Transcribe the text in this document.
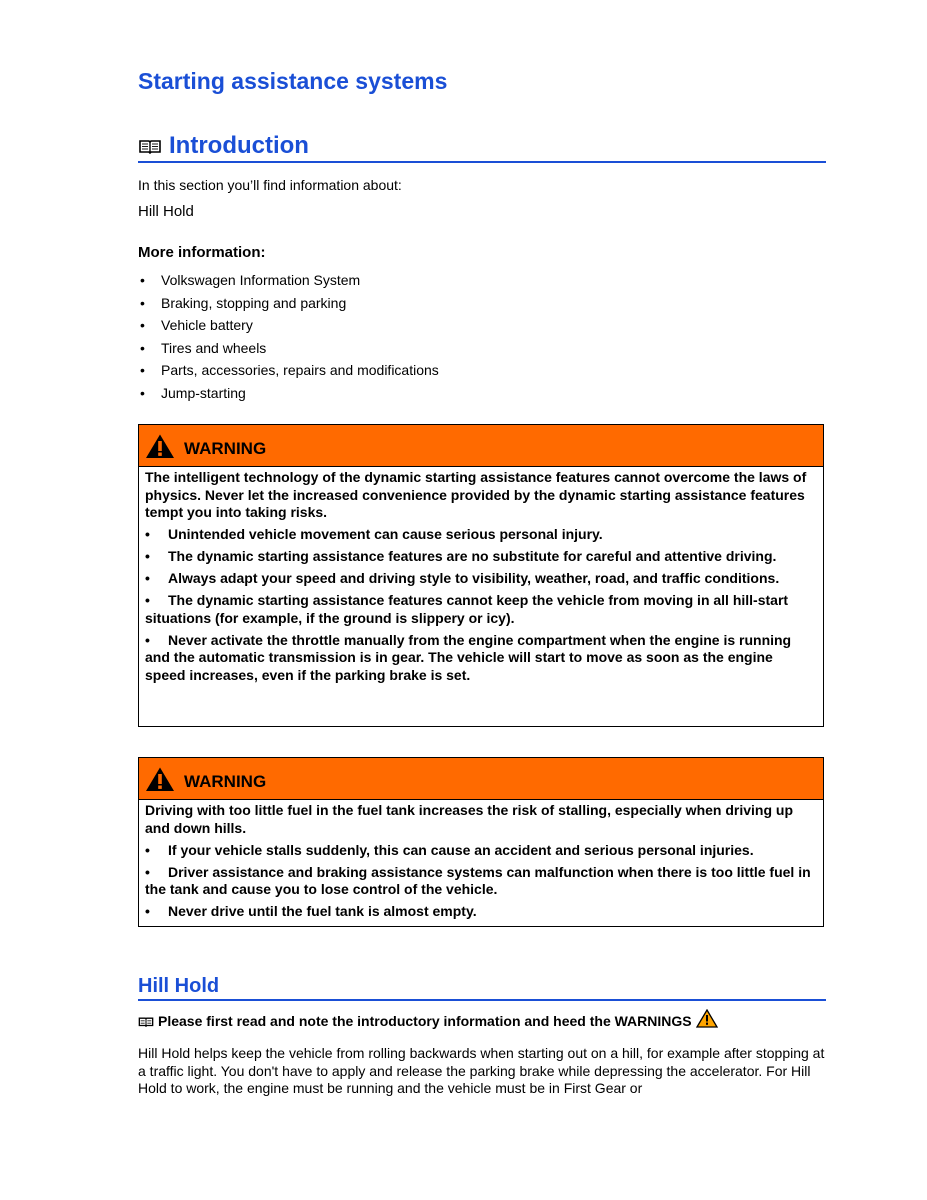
Starting assistance systems
Introduction
In this section you’ll find information about:
Hill Hold
More information:
• Volkswagen Information System
• Braking, stopping and parking
• Vehicle battery
• Tires and wheels
• Parts, accessories, repairs and modifications
• Jump-starting
WARNING

The intelligent technology of the dynamic starting assistance features cannot overcome the laws of physics. Never let the increased convenience provided by the dynamic starting assistance features tempt you into taking risks.

• Unintended vehicle movement can cause serious personal injury.

• The dynamic starting assistance features are no substitute for careful and attentive driving.

• Always adapt your speed and driving style to visibility, weather, road, and traffic conditions.

• The dynamic starting assistance features cannot keep the vehicle from moving in all hill-start situations (for example, if the ground is slippery or icy).

• Never activate the throttle manually from the engine compartment when the engine is running and the automatic transmission is in gear. The vehicle will start to move as soon as the engine speed increases, even if the parking brake is set.

WARNING

Driving with too little fuel in the fuel tank increases the risk of stalling, especially when driving up and down hills.

• If your vehicle stalls suddenly, this can cause an accident and serious personal injuries.

• Driver assistance and braking assistance systems can malfunction when there is too little fuel in the tank and cause you to lose control of the vehicle.

• Never drive until the fuel tank is almost empty.

Hill Hold
Please first read and note the introductory information and heed the WARNINGS
Hill Hold helps keep the vehicle from rolling backwards when starting out on a hill, for example after stopping at a traffic light. You don't have to apply and release the parking brake while depressing the accelerator. For Hill Hold to work, the engine must be running and the vehicle must be in First Gear or
